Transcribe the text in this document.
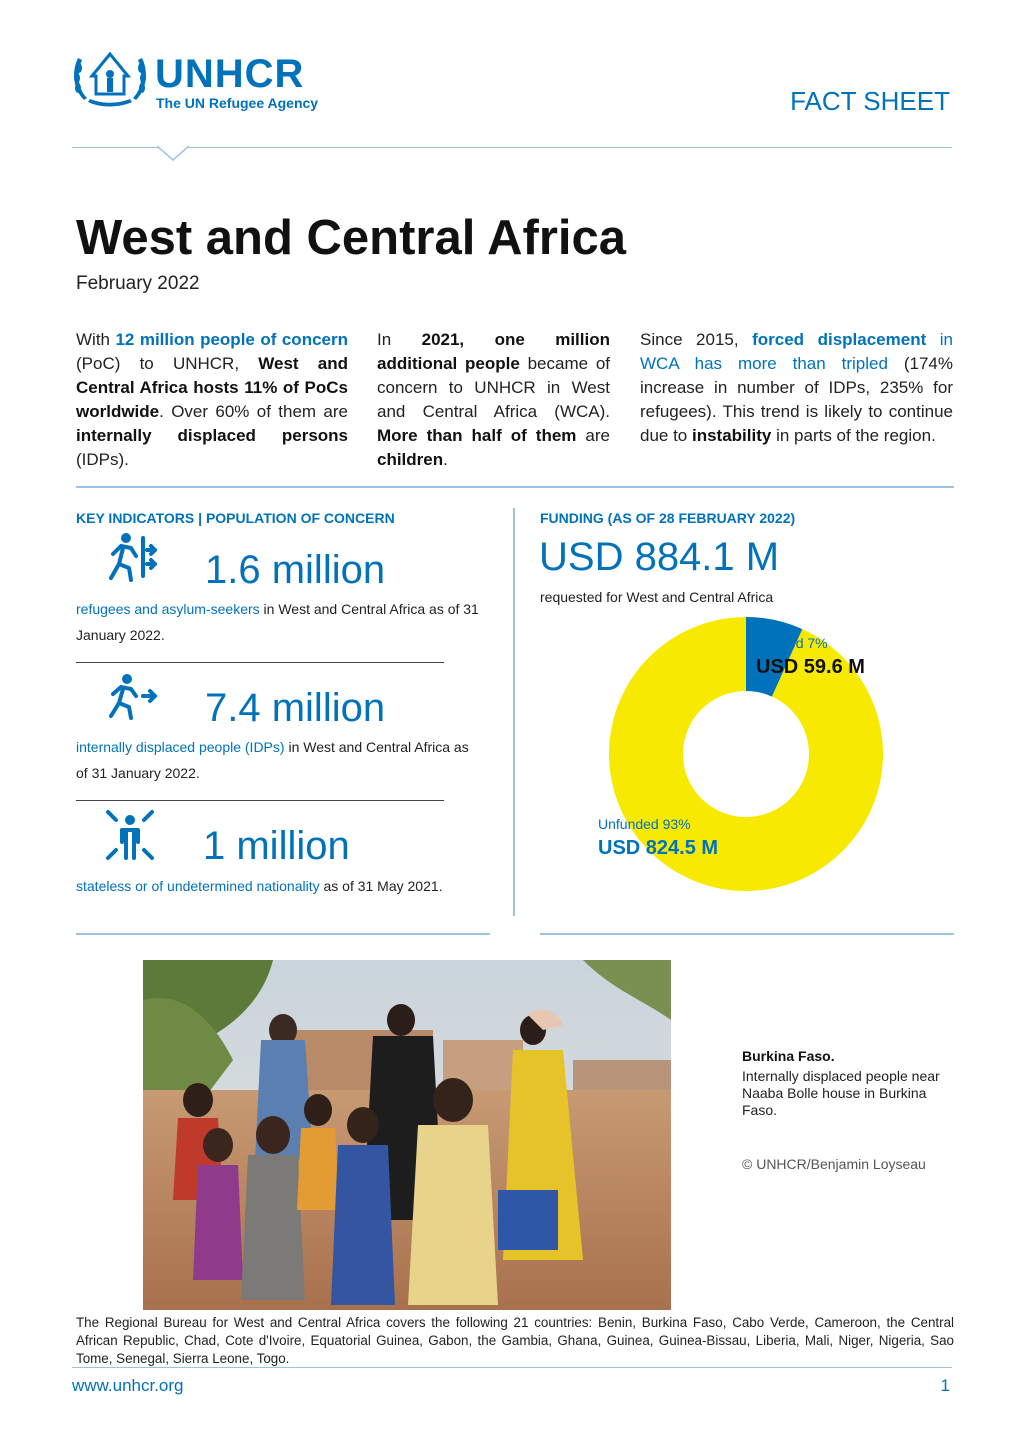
UNHCR
The UN Refugee Agency	FACT SHEET
West and Central Africa
February 2022
With 12 million people of concern (PoC) to UNHCR, West and Central Africa hosts 11% of PoCs worldwide. Over 60% of them are internally displaced persons (IDPs).
In 2021, one million additional people became of concern to UNHCR in West and Central Africa (WCA). More than half of them are children.
Since 2015, forced displacement in WCA has more than tripled (174% increase in number of IDPs, 235% for refugees). This trend is likely to continue due to instability in parts of the region.
KEY INDICATORS | POPULATION OF CONCERN
1.6 million
refugees and asylum-seekers in West and Central Africa as of 31 January 2022.
7.4 million
internally displaced people (IDPs) in West and Central Africa as of 31 January 2022.
1 million
stateless or of undetermined nationality as of 31 May 2021.
FUNDING (AS OF 28 FEBRUARY 2022)
USD 884.1 M
requested for West and Central Africa
Funded 7%
USD 59.6 M
Unfunded 93%
USD 824.5 M
Burkina Faso.
Internally displaced people near Naaba Bolle house in Burkina Faso.
© UNHCR/Benjamin Loyseau
The Regional Bureau for West and Central Africa covers the following 21 countries: Benin, Burkina Faso, Cabo Verde, Cameroon, the Central African Republic, Chad, Cote d'Ivoire, Equatorial Guinea, Gabon, the Gambia, Ghana, Guinea, Guinea-Bissau, Liberia, Mali, Niger, Nigeria, Sao Tome, Senegal, Sierra Leone, Togo.
www.unhcr.org	1
